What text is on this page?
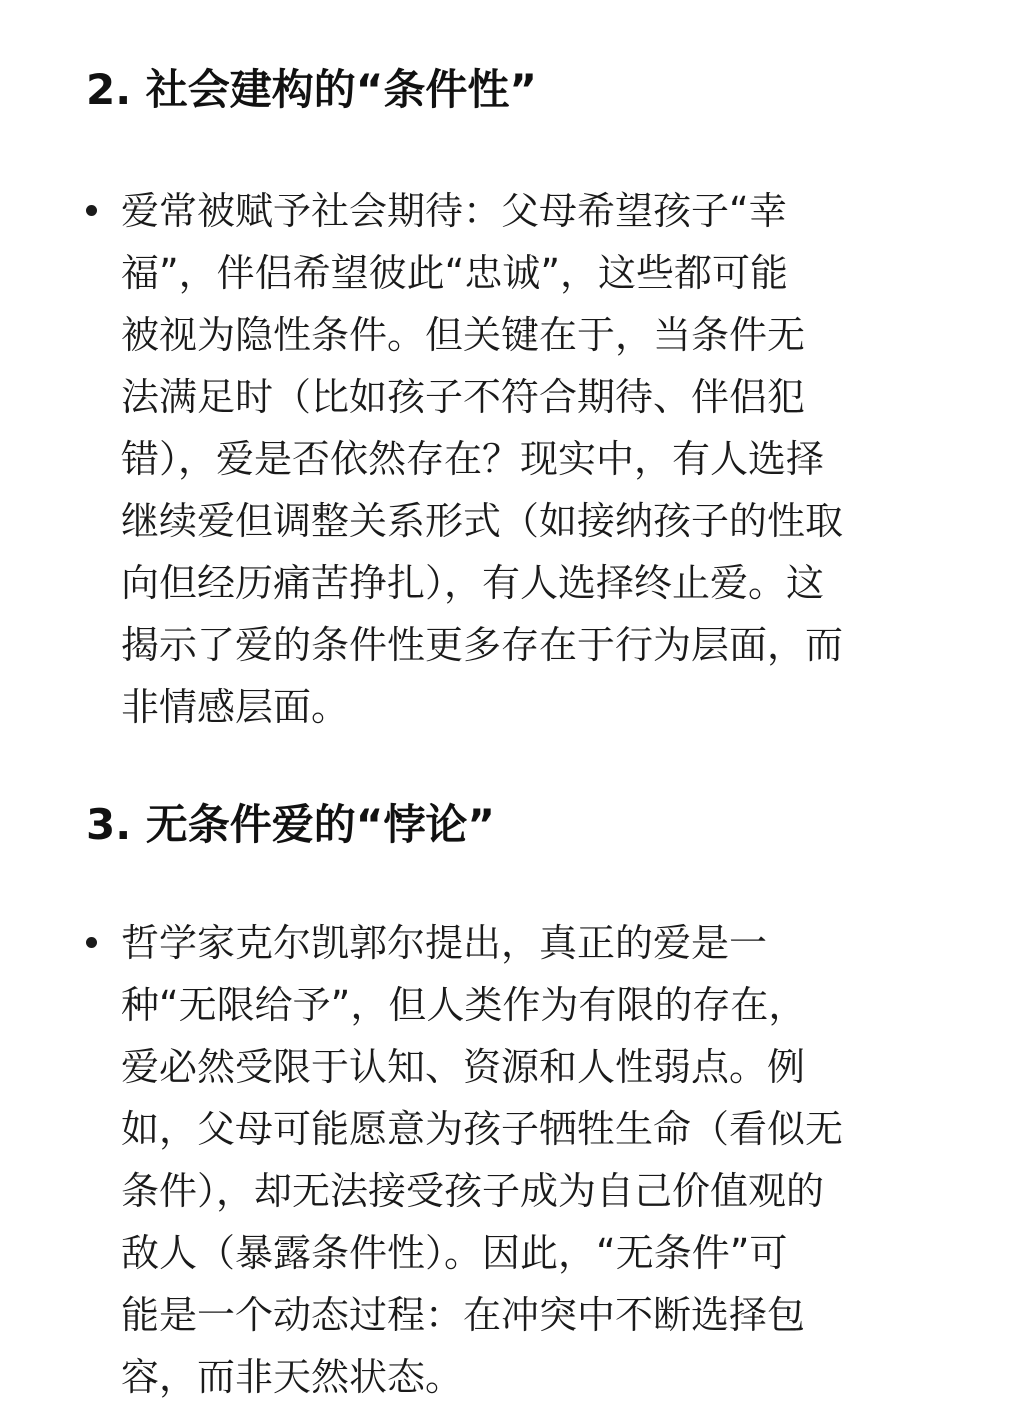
2. 社会建构的“条件性”

爱常被赋予社会期待：父母希望孩子“幸
福”，伴侣希望彼此“忠诚”，这些都可能
被视为隐性条件。但关键在于，当条件无
法满足时（比如孩子不符合期待、伴侣犯
错），爱是否依然存在？现实中，有人选择
继续爱但调整关系形式（如接纳孩子的性取
向但经历痛苦挣扎），有人选择终止爱。这
揭示了爱的条件性更多存在于行为层面，而
非情感层面。

3. 无条件爱的“悖论”

哲学家克尔凯郭尔提出，真正的爱是一
种“无限给予”，但人类作为有限的存在，
爱必然受限于认知、资源和人性弱点。例
如，父母可能愿意为孩子牺牲生命（看似无
条件），却无法接受孩子成为自己价值观的
敌人（暴露条件性）。因此，“无条件”可
能是一个动态过程：在冲突中不断选择包
容，而非天然状态。
